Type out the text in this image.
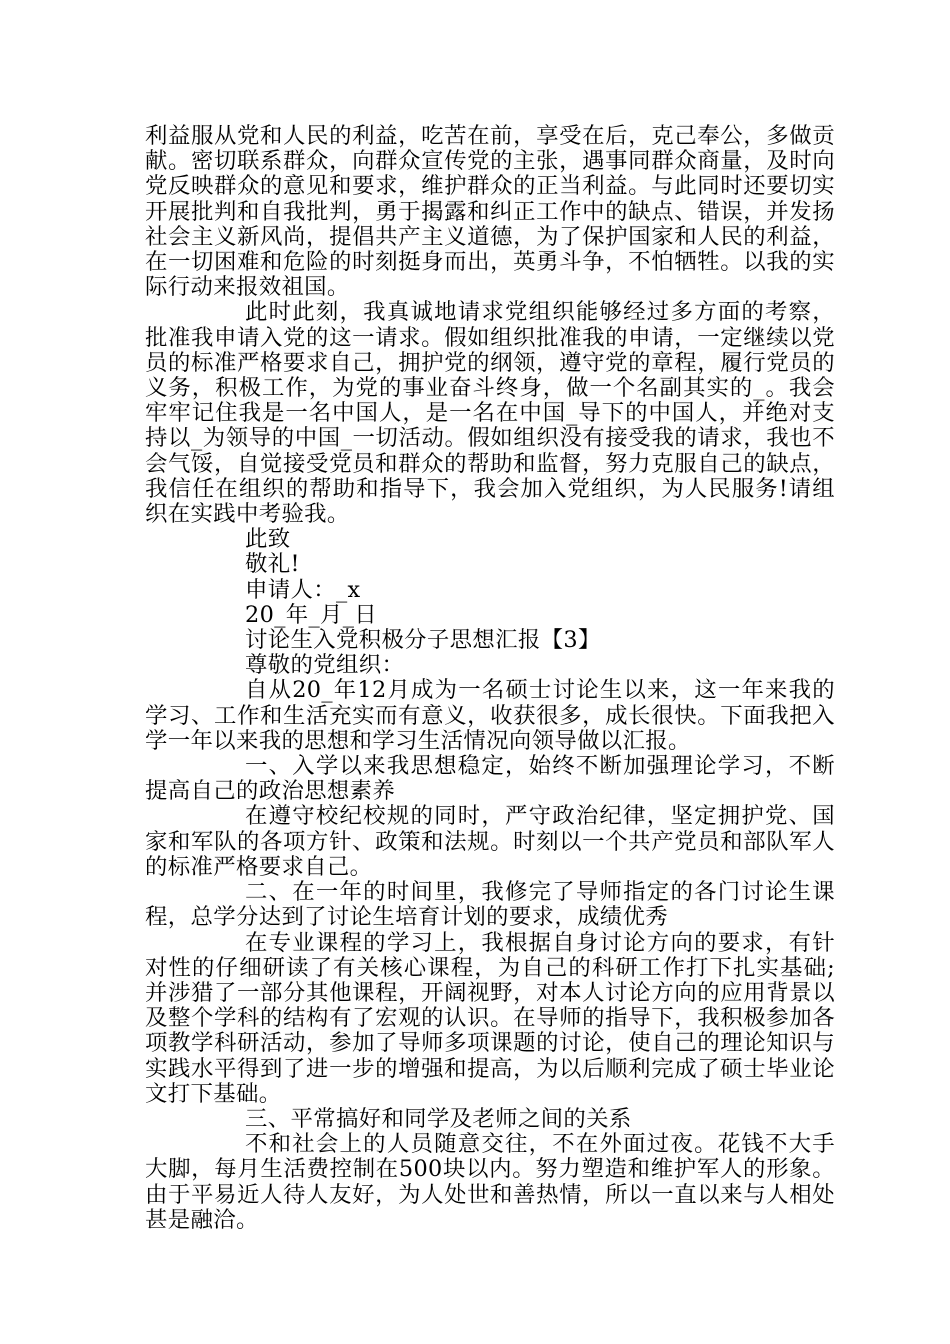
利益服从党和人民的利益，吃苦在前，享受在后，克己奉公，多做贡献。密切联系群众，向群众宣传党的主张，遇事同群众商量，及时向党反映群众的意见和要求，维护群众的正当利益。与此同时还要切实开展批判和自我批判，勇于揭露和纠正工作中的缺点、错误，并发扬社会主义新风尚，提倡共产主义道德，为了保护国家和人民的利益，在一切困难和危险的时刻挺身而出，英勇斗争，不怕牺牲。以我的实际行动来报效祖国。

此时此刻，我真诚地请求党组织能够经过多方面的考察，批准我申请入党的这一请求。假如组织批准我的申请，一定继续以党员的标准严格要求自己，拥护党的纲领，遵守党的章程，履行党员的义务，积极工作，为党的事业奋斗终身，做一个名副其实的_。我会牢牢记住我是一名中国人，是一名在中国_导下的中国人，并绝对支持以_为领导的中国_一切活动。假如组织没有接受我的请求，我也不会气馁，自觉接受党员和群众的帮助和监督，努力克服自己的缺点，我信任在组织的帮助和指导下，我会加入党组织，为人民服务!请组织在实践中考验我。

此致

敬礼!

申请人：_x

20_年_月_日

讨论生入党积极分子思想汇报【3】

尊敬的党组织：

自从20_年12月成为一名硕士讨论生以来，这一年来我的学习、工作和生活充实而有意义，收获很多，成长很快。下面我把入学一年以来我的思想和学习生活情况向领导做以汇报。

一、入学以来我思想稳定，始终不断加强理论学习，不断提高自己的政治思想素养

在遵守校纪校规的同时，严守政治纪律，坚定拥护党、国家和军队的各项方针、政策和法规。时刻以一个共产党员和部队军人的标准严格要求自己。

二、在一年的时间里，我修完了导师指定的各门讨论生课程，总学分达到了讨论生培育计划的要求，成绩优秀

在专业课程的学习上，我根据自身讨论方向的要求，有针对性的仔细研读了有关核心课程，为自己的科研工作打下扎实基础;并涉猎了一部分其他课程，开阔视野，对本人讨论方向的应用背景以及整个学科的结构有了宏观的认识。在导师的指导下，我积极参加各项教学科研活动，参加了导师多项课题的讨论，使自己的理论知识与实践水平得到了进一步的增强和提高，为以后顺利完成了硕士毕业论文打下基础。

三、平常搞好和同学及老师之间的关系

不和社会上的人员随意交往，不在外面过夜。花钱不大手大脚，每月生活费控制在500块以内。努力塑造和维护军人的形象。由于平易近人待人友好，为人处世和善热情，所以一直以来与人相处甚是融洽。
